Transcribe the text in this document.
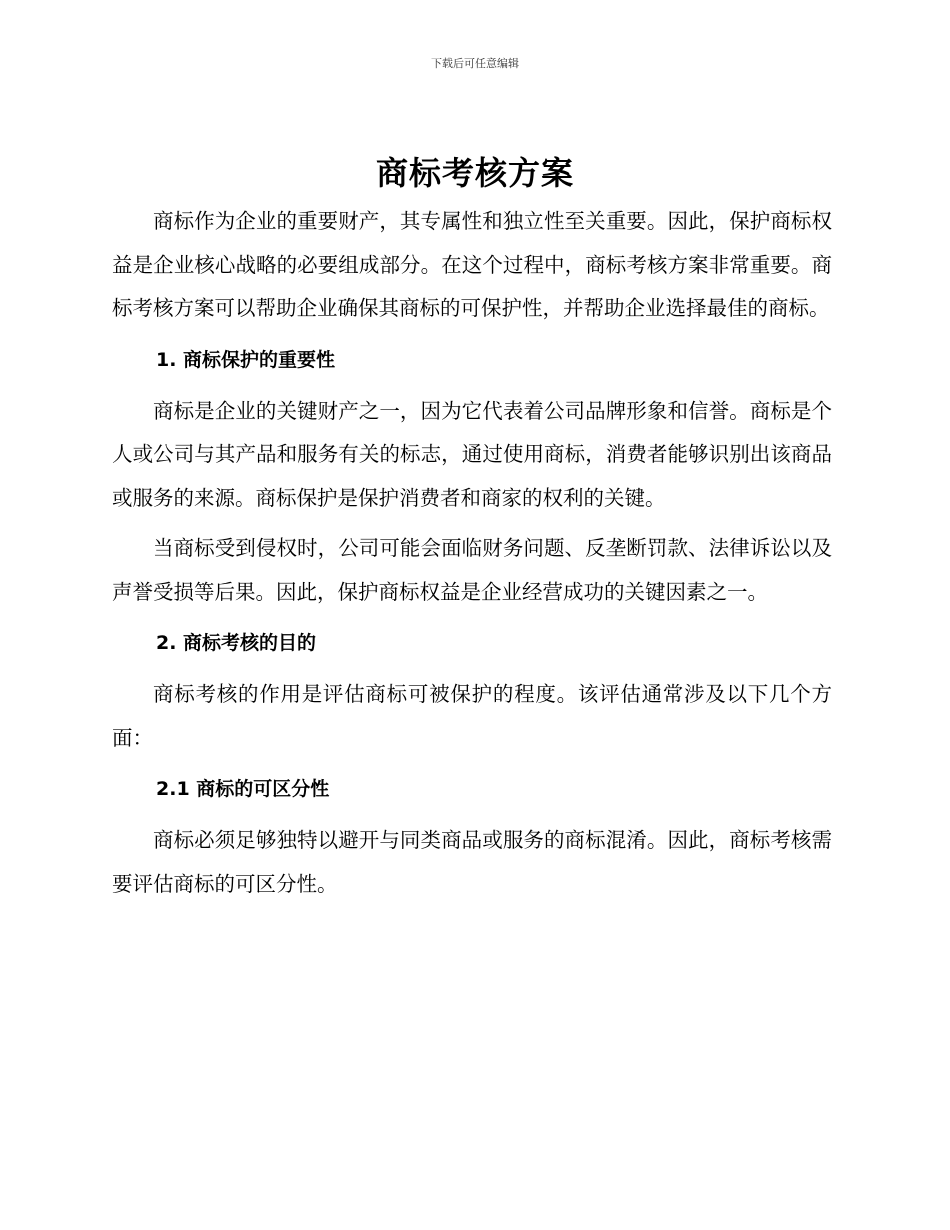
下载后可任意编辑
商标考核方案

商标作为企业的重要财产，其专属性和独立性至关重要。因此，保护商标权益是企业核心战略的必要组成部分。在这个过程中，商标考核方案非常重要。商标考核方案可以帮助企业确保其商标的可保护性，并帮助企业选择最佳的商标。

1. 商标保护的重要性

商标是企业的关键财产之一，因为它代表着公司品牌形象和信誉。商标是个人或公司与其产品和服务有关的标志，通过使用商标，消费者能够识别出该商品或服务的来源。商标保护是保护消费者和商家的权利的关键。

当商标受到侵权时，公司可能会面临财务问题、反垄断罚款、法律诉讼以及声誉受损等后果。因此，保护商标权益是企业经营成功的关键因素之一。

2. 商标考核的目的

商标考核的作用是评估商标可被保护的程度。该评估通常涉及以下几个方面：

2.1 商标的可区分性

商标必须足够独特以避开与同类商品或服务的商标混淆。因此，商标考核需要评估商标的可区分性。
